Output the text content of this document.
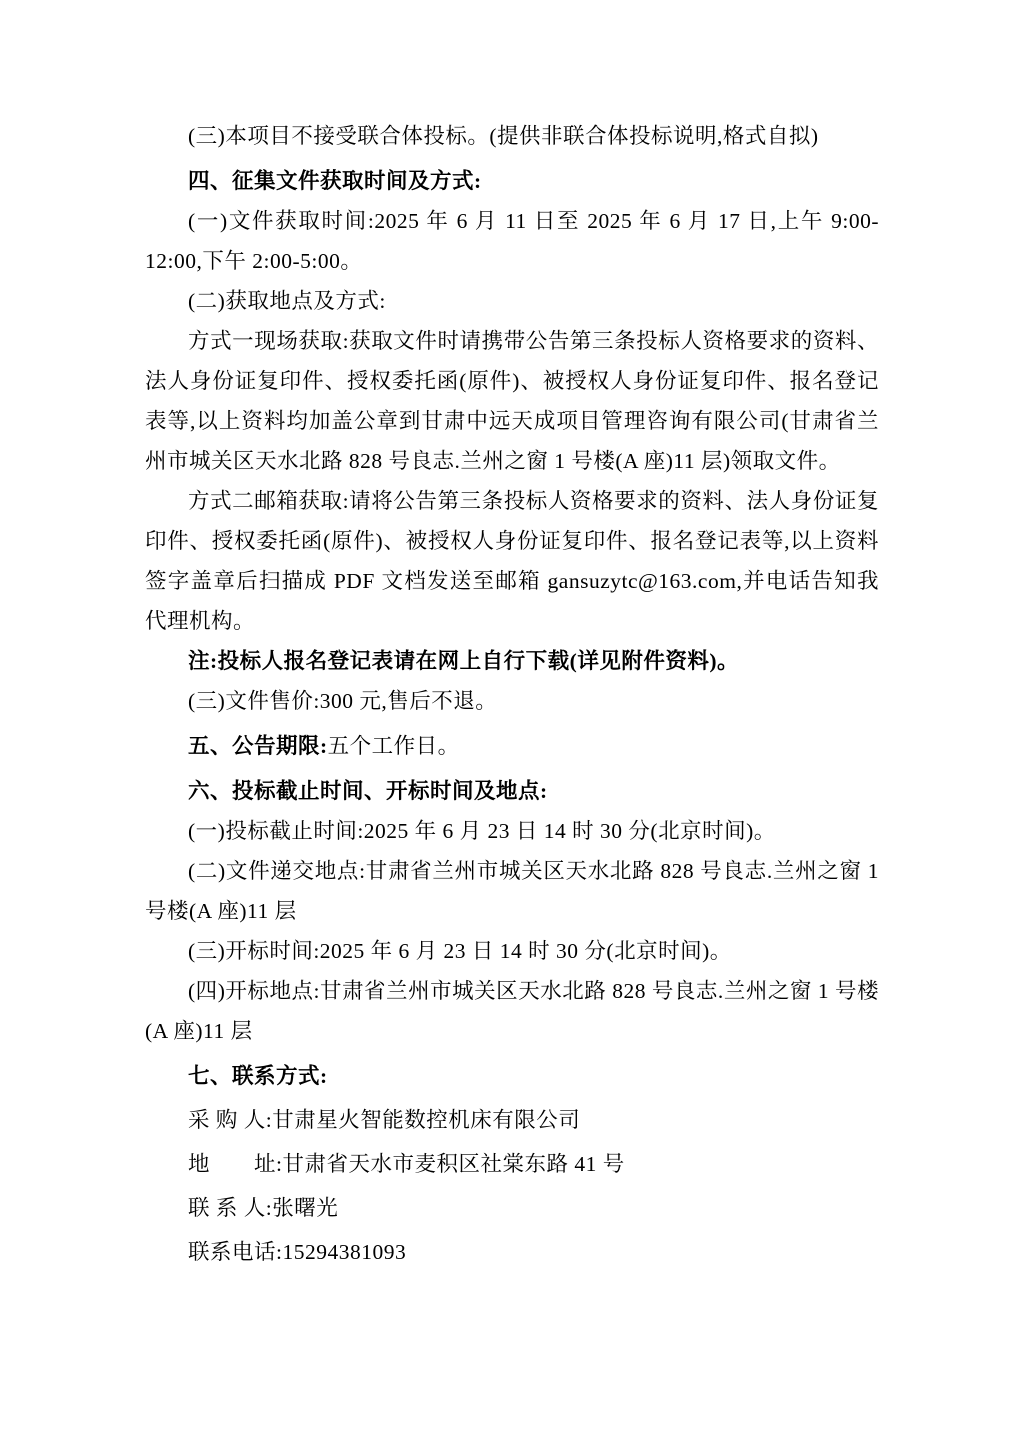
(三)本项目不接受联合体投标。(提供非联合体投标说明,格式自拟)

四、征集文件获取时间及方式:

(一)文件获取时间:2025 年 6 月 11 日至 2025 年 6 月 17 日,上午 9:00-12:00,下午 2:00-5:00。

(二)获取地点及方式:

方式一现场获取:获取文件时请携带公告第三条投标人资格要求的资料、法人身份证复印件、授权委托函(原件)、被授权人身份证复印件、报名登记表等,以上资料均加盖公章到甘肃中远天成项目管理咨询有限公司(甘肃省兰州市城关区天水北路 828 号良志.兰州之窗 1 号楼(A 座)11 层)领取文件。

方式二邮箱获取:请将公告第三条投标人资格要求的资料、法人身份证复印件、授权委托函(原件)、被授权人身份证复印件、报名登记表等,以上资料签字盖章后扫描成 PDF 文档发送至邮箱 gansuzytc@163.com,并电话告知我代理机构。

注:投标人报名登记表请在网上自行下载(详见附件资料)。

(三)文件售价:300 元,售后不退。

五、公告期限:五个工作日。

六、投标截止时间、开标时间及地点:

(一)投标截止时间:2025 年 6 月 23 日 14 时 30 分(北京时间)。

(二)文件递交地点:甘肃省兰州市城关区天水北路 828 号良志.兰州之窗 1 号楼(A 座)11 层

(三)开标时间:2025 年 6 月 23 日 14 时 30 分(北京时间)。

(四)开标地点:甘肃省兰州市城关区天水北路 828 号良志.兰州之窗 1 号楼(A 座)11 层

七、联系方式:

采 购 人:甘肃星火智能数控机床有限公司

地　　址:甘肃省天水市麦积区社棠东路 41 号

联 系 人:张曙光

联系电话:15294381093
